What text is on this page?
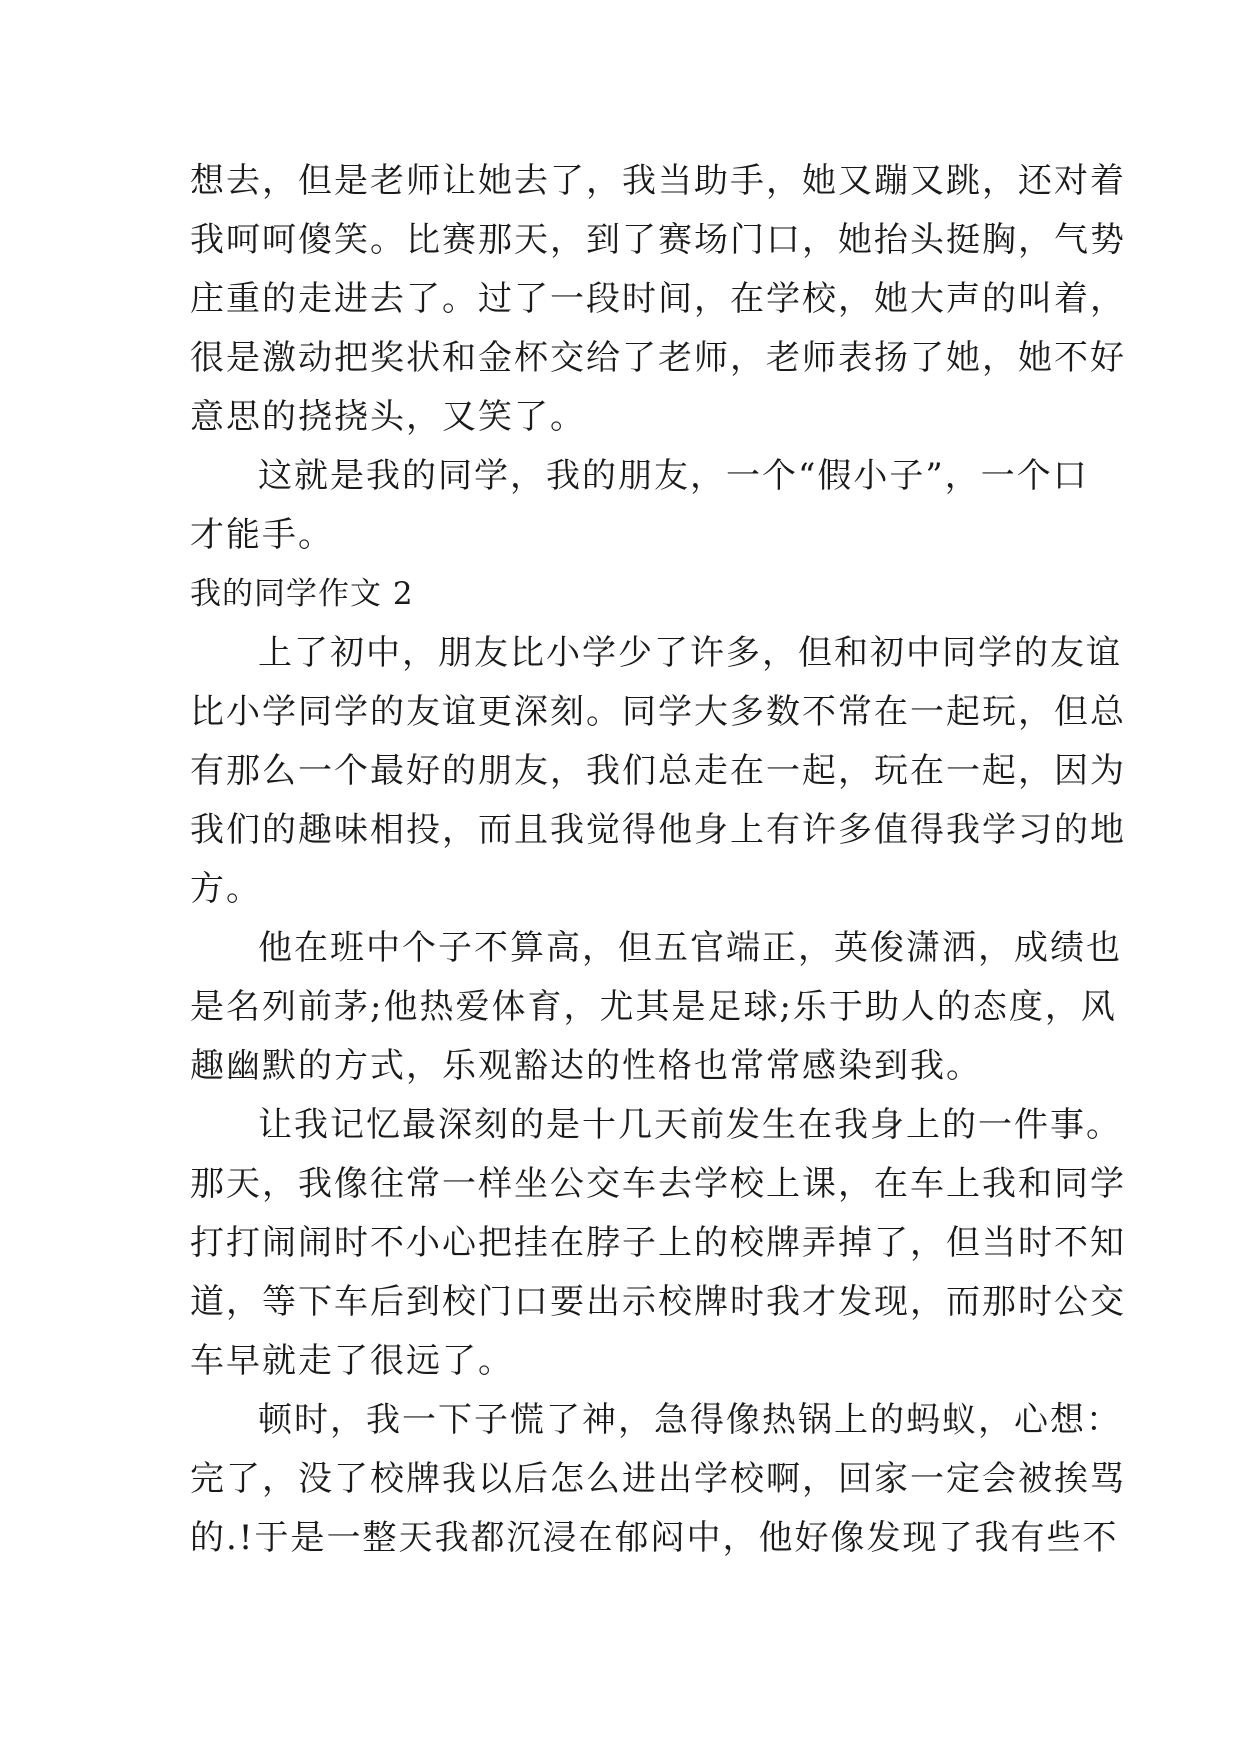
想去，但是老师让她去了，我当助手，她又蹦又跳，还对着
我呵呵傻笑。比赛那天，到了赛场门口，她抬头挺胸，气势
庄重的走进去了。过了一段时间，在学校，她大声的叫着，
很是激动把奖状和金杯交给了老师，老师表扬了她，她不好
意思的挠挠头，又笑了。
这就是我的同学，我的朋友，一个“假小子”，一个口
才能手。
我的同学作文 2
上了初中，朋友比小学少了许多，但和初中同学的友谊
比小学同学的友谊更深刻。同学大多数不常在一起玩，但总
有那么一个最好的朋友，我们总走在一起，玩在一起，因为
我们的趣味相投，而且我觉得他身上有许多值得我学习的地
方。
他在班中个子不算高，但五官端正，英俊潇洒，成绩也
是名列前茅;他热爱体育，尤其是足球;乐于助人的态度，风
趣幽默的方式，乐观豁达的性格也常常感染到我。
让我记忆最深刻的是十几天前发生在我身上的一件事。
那天，我像往常一样坐公交车去学校上课，在车上我和同学
打打闹闹时不小心把挂在脖子上的校牌弄掉了，但当时不知
道，等下车后到校门口要出示校牌时我才发现，而那时公交
车早就走了很远了。
顿时，我一下子慌了神，急得像热锅上的蚂蚁，心想：
完了，没了校牌我以后怎么进出学校啊，回家一定会被挨骂
的.!于是一整天我都沉浸在郁闷中，他好像发现了我有些不
